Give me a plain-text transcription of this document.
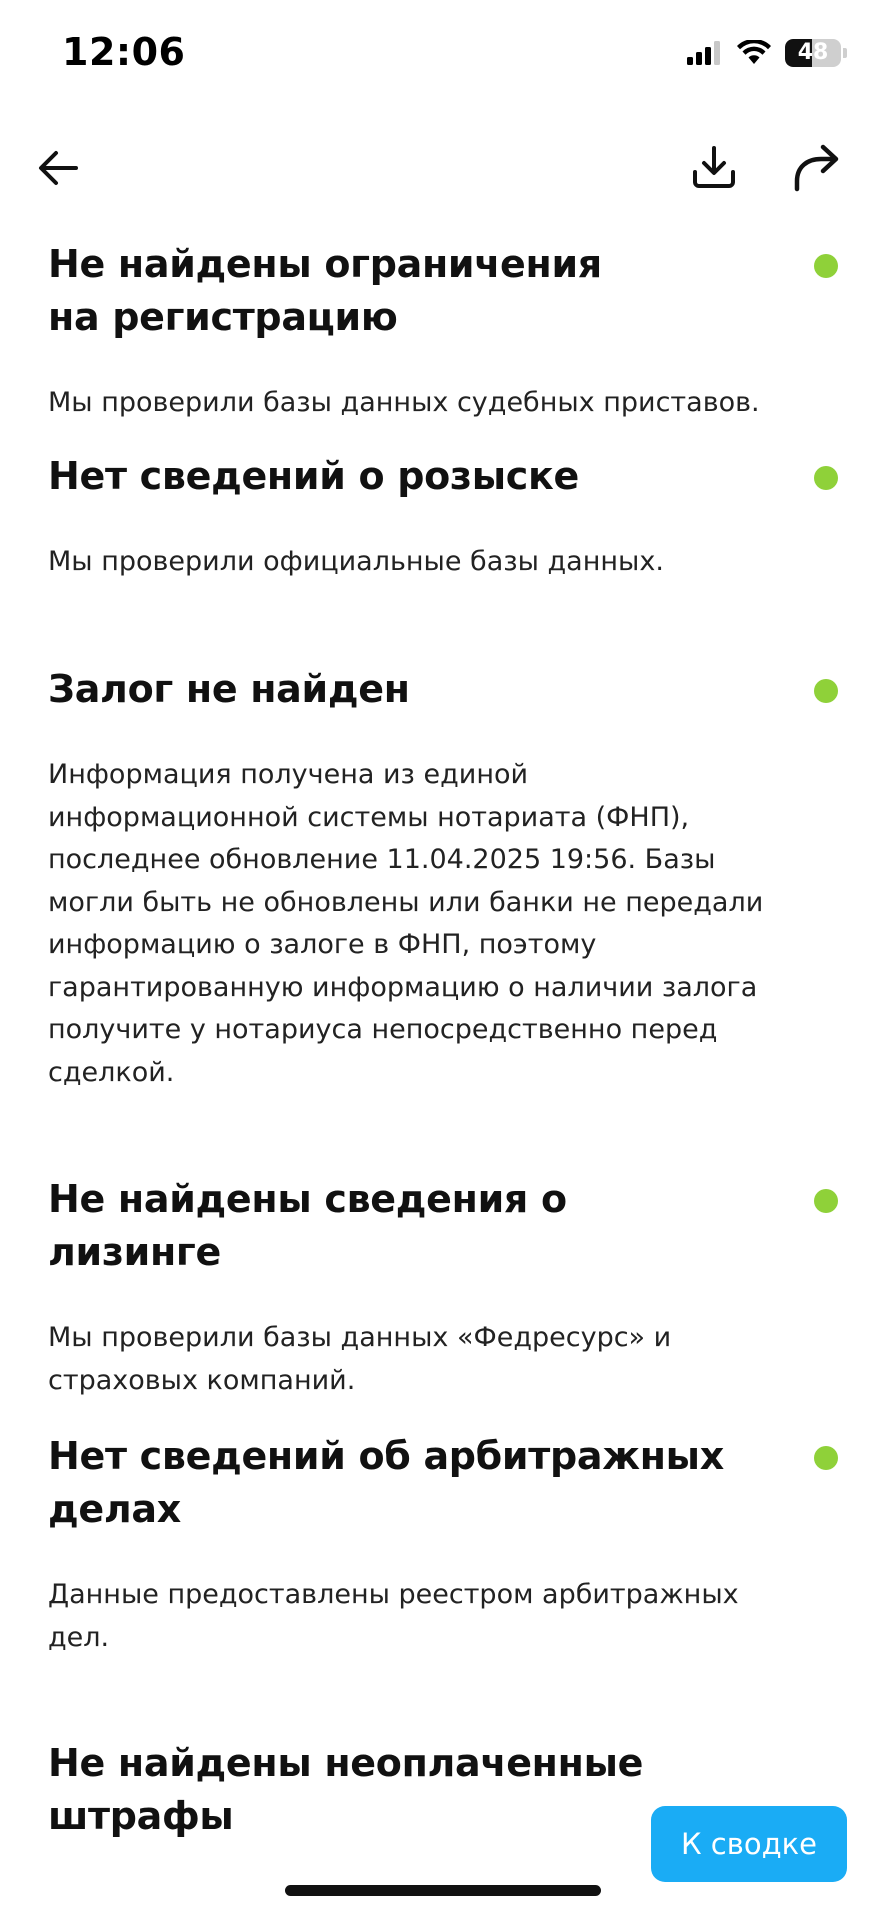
12:06	48
Не найдены ограничения на регистрацию

Мы проверили базы данных судебных приставов.

Нет сведений о розыске

Мы проверили официальные базы данных.

Залог не найден

Информация получена из единой информационной системы нотариата (ФНП), последнее обновление 11.04.2025 19:56. Базы могли быть не обновлены или банки не передали информацию о залоге в ФНП, поэтому гарантированную информацию о наличии залога получите у нотариуса непосредственно перед сделкой.

Не найдены сведения о лизинге

Мы проверили базы данных «Федресурс» и страховых компаний.

Нет сведений об арбитражных делах

Данные предоставлены реестром арбитражных дел.

Не найдены неоплаченные штрафы
К сводке
